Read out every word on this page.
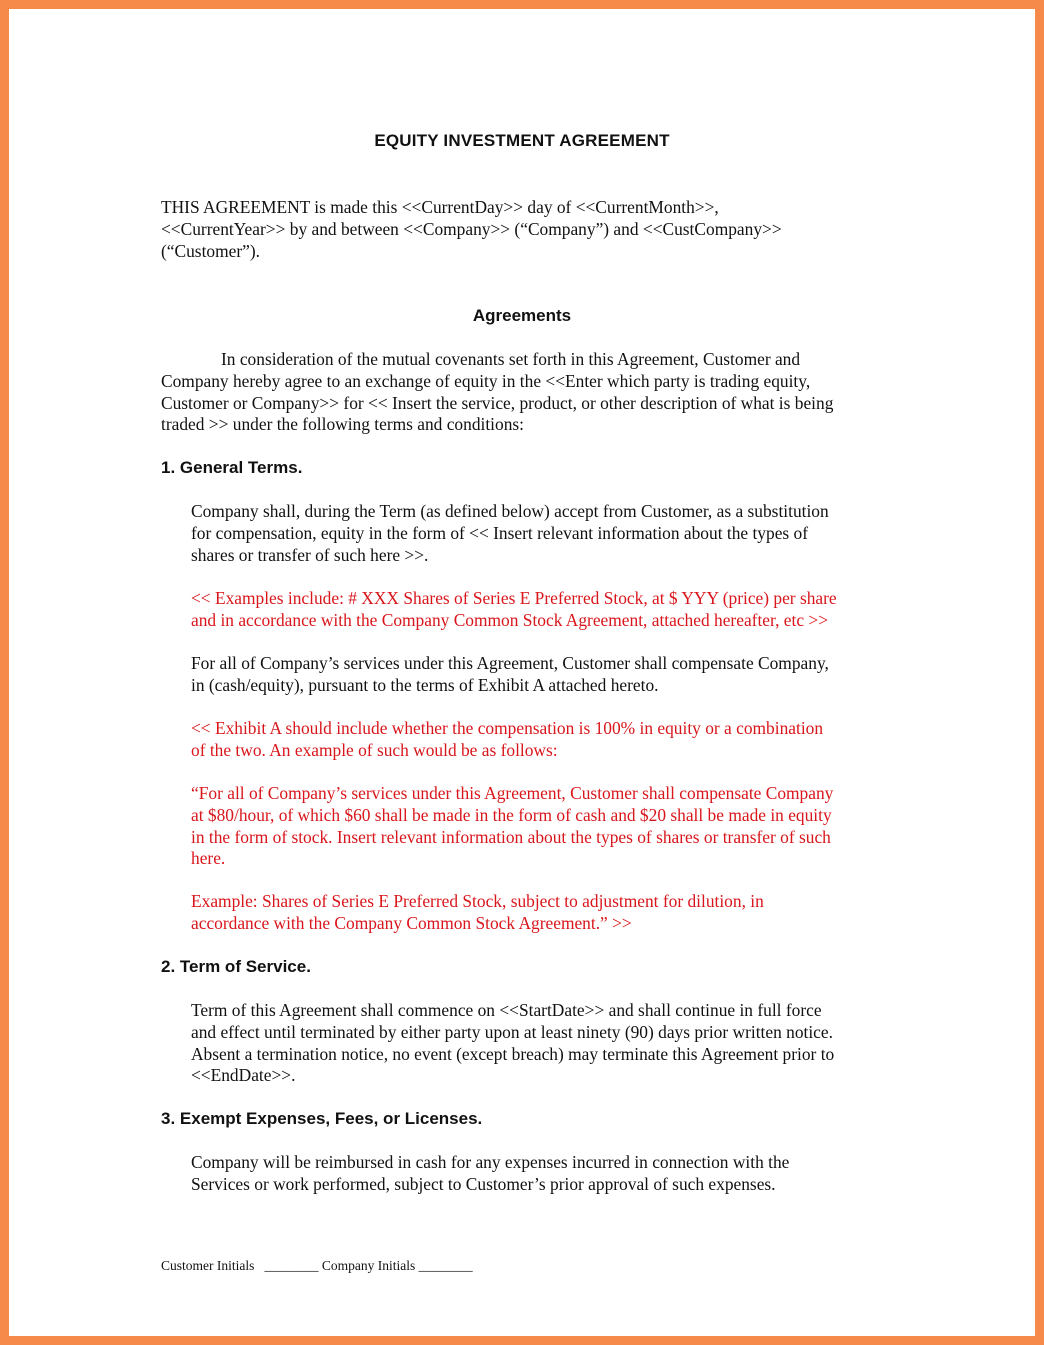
EQUITY INVESTMENT AGREEMENT
THIS AGREEMENT is made this <<CurrentDay>> day of <<CurrentMonth>>,
<<CurrentYear>> by and between <<Company>> (“Company”) and <<CustCompany>>
(“Customer”).
Agreements
In consideration of the mutual covenants set forth in this Agreement, Customer and
Company hereby agree to an exchange of equity in the <<Enter which party is trading equity,
Customer or Company>> for << Insert the service, product, or other description of what is being
traded >> under the following terms and conditions:
1. General Terms.
Company shall, during the Term (as defined below) accept from Customer, as a substitution
for compensation, equity in the form of << Insert relevant information about the types of
shares or transfer of such here >>.
<< Examples include: # XXX Shares of Series E Preferred Stock, at $ YYY (price) per share
and in accordance with the Company Common Stock Agreement, attached hereafter, etc >>
For all of Company’s services under this Agreement, Customer shall compensate Company,
in (cash/equity), pursuant to the terms of Exhibit A attached hereto.
<< Exhibit A should include whether the compensation is 100% in equity or a combination
of the two. An example of such would be as follows:
“For all of Company’s services under this Agreement, Customer shall compensate Company
at $80/hour, of which $60 shall be made in the form of cash and $20 shall be made in equity
in the form of stock. Insert relevant information about the types of shares or transfer of such
here.
Example: Shares of Series E Preferred Stock, subject to adjustment for dilution, in
accordance with the Company Common Stock Agreement.” >>
2. Term of Service.
Term of this Agreement shall commence on <<StartDate>> and shall continue in full force
and effect until terminated by either party upon at least ninety (90) days prior written notice.
Absent a termination notice, no event (except breach) may terminate this Agreement prior to
<<EndDate>>.
3. Exempt Expenses, Fees, or Licenses.
Company will be reimbursed in cash for any expenses incurred in connection with the
Services or work performed, subject to Customer’s prior approval of such expenses.
Customer Initials   ________ Company Initials ________
